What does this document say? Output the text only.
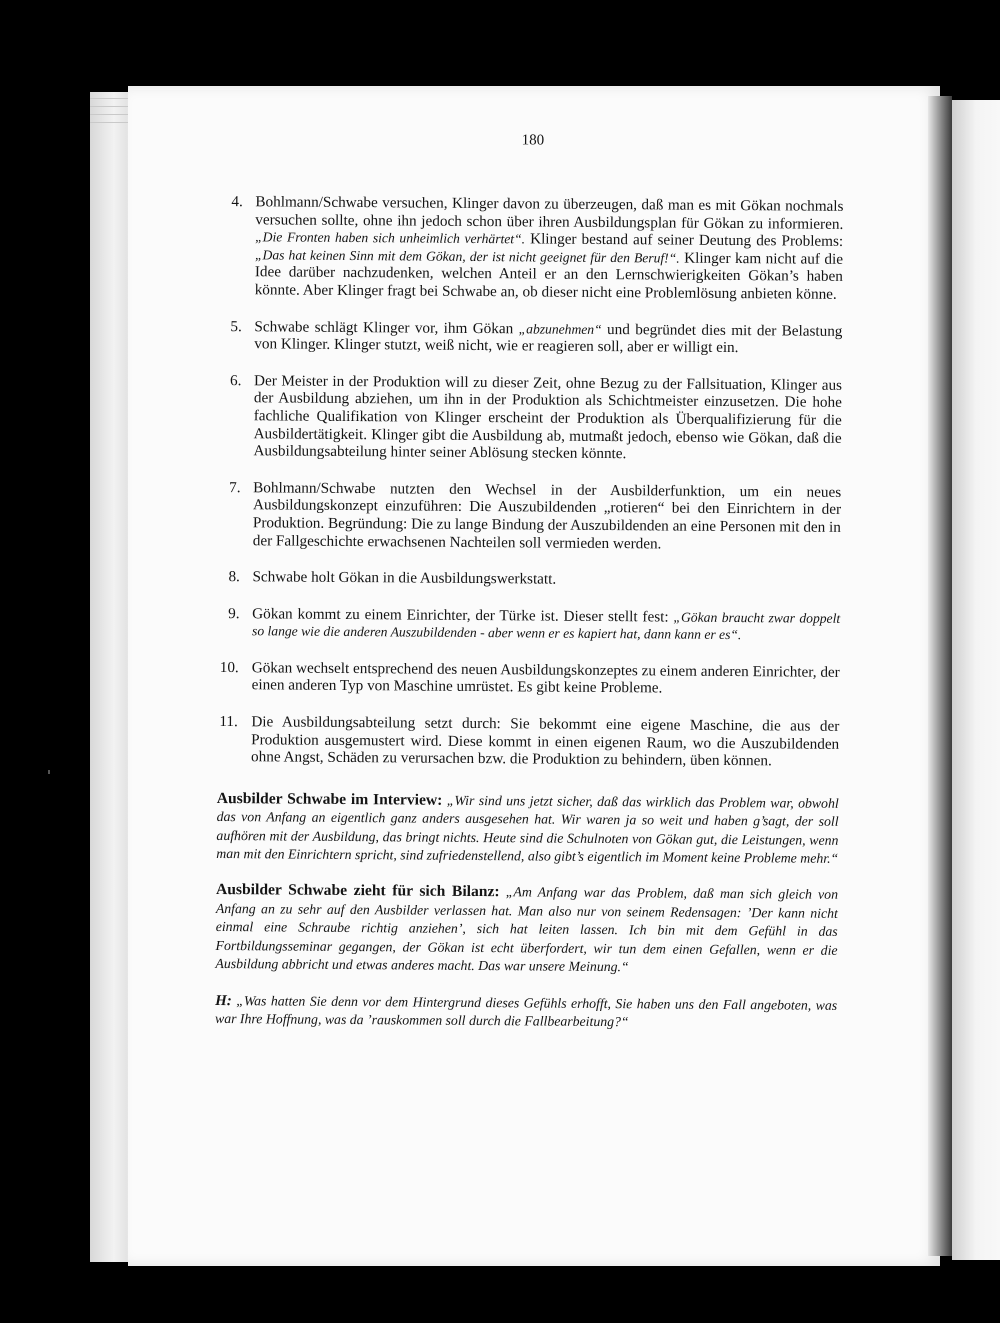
180
4. Bohlmann/Schwabe versuchen, Klinger davon zu überzeugen, daß man es mit Gökan nochmals versuchen sollte, ohne ihn jedoch schon über ihren Ausbildungsplan für Gökan zu informieren. „Die Fronten haben sich unheimlich verhärtet“. Klinger bestand auf seiner Deutung des Problems: „Das hat keinen Sinn mit dem Gökan, der ist nicht geeignet für den Beruf!“. Klinger kam nicht auf die Idee darüber nachzudenken, welchen Anteil er an den Lernschwierigkeiten Gökan’s haben könnte. Aber Klinger fragt bei Schwabe an, ob dieser nicht eine Problemlösung anbieten könne.
5. Schwabe schlägt Klinger vor, ihm Gökan „abzunehmen“ und begründet dies mit der Belastung von Klinger. Klinger stutzt, weiß nicht, wie er reagieren soll, aber er willigt ein.
6. Der Meister in der Produktion will zu dieser Zeit, ohne Bezug zu der Fallsituation, Klinger aus der Ausbildung abziehen, um ihn in der Produktion als Schichtmeister einzusetzen. Die hohe fachliche Qualifikation von Klinger erscheint der Produktion als Überqualifizierung für die Ausbildertätigkeit. Klinger gibt die Ausbildung ab, mutmaßt jedoch, ebenso wie Gökan, daß die Ausbildungsabteilung hinter seiner Ablösung stecken könnte.
7. Bohlmann/Schwabe nutzten den Wechsel in der Ausbilderfunktion, um ein neues Ausbildungskonzept einzuführen: Die Auszubildenden „rotieren“ bei den Einrichtern in der Produktion. Begründung: Die zu lange Bindung der Auszubildenden an eine Personen mit den in der Fallgeschichte erwachsenen Nachteilen soll vermieden werden.
8. Schwabe holt Gökan in die Ausbildungswerkstatt.
9. Gökan kommt zu einem Einrichter, der Türke ist. Dieser stellt fest: „Gökan braucht zwar doppelt so lange wie die anderen Auszubildenden - aber wenn er es kapiert hat, dann kann er es“.
10. Gökan wechselt entsprechend des neuen Ausbildungskonzeptes zu einem anderen Einrichter, der einen anderen Typ von Maschine umrüstet. Es gibt keine Probleme.
11. Die Ausbildungsabteilung setzt durch: Sie bekommt eine eigene Maschine, die aus der Produktion ausgemustert wird. Diese kommt in einen eigenen Raum, wo die Auszubildenden ohne Angst, Schäden zu verursachen bzw. die Produktion zu behindern, üben können.

Ausbilder Schwabe im Interview: „Wir sind uns jetzt sicher, daß das wirklich das Problem war, obwohl das von Anfang an eigentlich ganz anders ausgesehen hat. Wir waren ja so weit und haben g’sagt, der soll aufhören mit der Ausbildung, das bringt nichts. Heute sind die Schulnoten von Gökan gut, die Leistungen, wenn man mit den Einrichtern spricht, sind zufriedenstellend, also gibt’s eigentlich im Moment keine Probleme mehr.“

Ausbilder Schwabe zieht für sich Bilanz: „Am Anfang war das Problem, daß man sich gleich von Anfang an zu sehr auf den Ausbilder verlassen hat. Man also nur von seinem Redensagen: ’Der kann nicht einmal eine Schraube richtig anziehen’, sich hat leiten lassen. Ich bin mit dem Gefühl in das Fortbildungsseminar gegangen, der Gökan ist echt überfordert, wir tun dem einen Gefallen, wenn er die Ausbildung abbricht und etwas anderes macht. Das war unsere Meinung.“

H: „Was hatten Sie denn vor dem Hintergrund dieses Gefühls erhofft, Sie haben uns den Fall angeboten, was war Ihre Hoffnung, was da ’rauskommen soll durch die Fallbearbeitung?“
